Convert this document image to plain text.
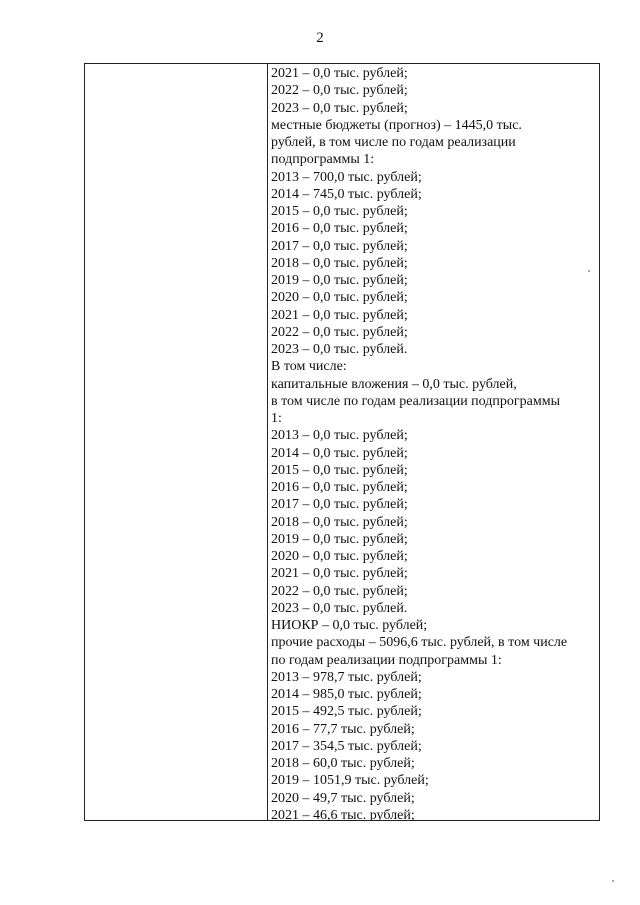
2
2021 – 0,0 тыс. рублей;
2022 – 0,0 тыс. рублей;
2023 – 0,0 тыс. рублей;
местные бюджеты (прогноз) – 1445,0 тыс.
рублей, в том числе по годам реализации
подпрограммы 1:
2013 – 700,0 тыс. рублей;
2014 – 745,0 тыс. рублей;
2015 – 0,0 тыс. рублей;
2016 – 0,0 тыс. рублей;
2017 – 0,0 тыс. рублей;
2018 – 0,0 тыс. рублей;
2019 – 0,0 тыс. рублей;
2020 – 0,0 тыс. рублей;
2021 – 0,0 тыс. рублей;
2022 – 0,0 тыс. рублей;
2023 – 0,0 тыс. рублей.
В том числе:
капитальные вложения – 0,0 тыс. рублей,
в том числе по годам реализации подпрограммы
1:
2013 – 0,0 тыс. рублей;
2014 – 0,0 тыс. рублей;
2015 – 0,0 тыс. рублей;
2016 – 0,0 тыс. рублей;
2017 – 0,0 тыс. рублей;
2018 – 0,0 тыс. рублей;
2019 – 0,0 тыс. рублей;
2020 – 0,0 тыс. рублей;
2021 – 0,0 тыс. рублей;
2022 – 0,0 тыс. рублей;
2023 – 0,0 тыс. рублей.
НИОКР – 0,0 тыс. рублей;
прочие расходы – 5096,6 тыс. рублей, в том числе
по годам реализации подпрограммы 1:
2013 – 978,7 тыс. рублей;
2014 – 985,0 тыс. рублей;
2015 – 492,5 тыс. рублей;
2016 – 77,7 тыс. рублей;
2017 – 354,5 тыс. рублей;
2018 – 60,0 тыс. рублей;
2019 – 1051,9 тыс. рублей;
2020 – 49,7 тыс. рублей;
2021 – 46,6 тыс. рублей;
